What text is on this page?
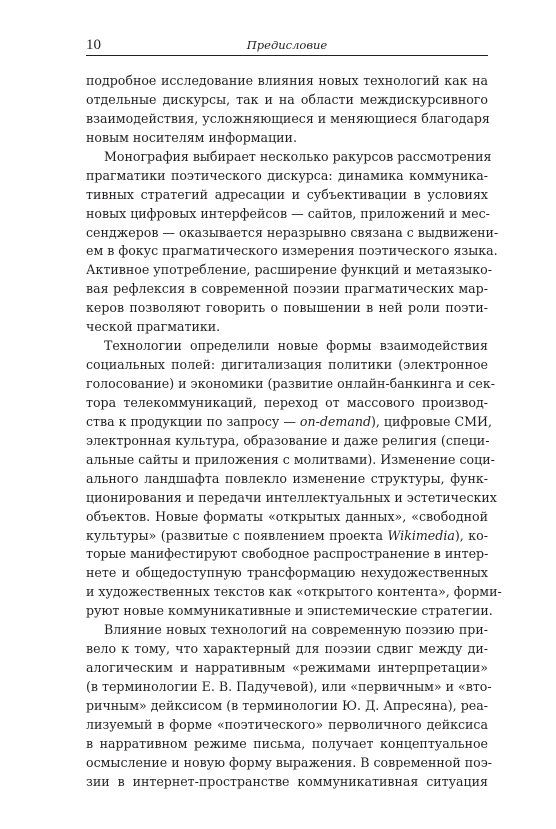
10	Предисловие
подробное исследование влияния новых технологий как на
отдельные дискурсы, так и на области междискурсивного
взаимодействия, усложняющиеся и меняющиеся благодаря
новым носителям информации.
Монография выбирает несколько ракурсов рассмотрения
прагматики поэтического дискурса: динамика коммуника-
тивных стратегий адресации и субъективации в условиях
новых цифровых интерфейсов — сайтов, приложений и мес-
сенджеров — оказывается неразрывно связана с выдвижени-
ем в фокус прагматического измерения поэтического языка.
Активное употребление, расширение функций и метаязыко-
вая рефлексия в современной поэзии прагматических мар-
керов позволяют говорить о повышении в ней роли поэти-
ческой прагматики.
Технологии определили новые формы взаимодействия
социальных полей: дигитализация политики (электронное
голосование) и экономики (развитие онлайн-банкинга и сек-
тора телекоммуникаций, переход от массового производ-
ства к продукции по запросу — on-demand), цифровые СМИ,
электронная культура, образование и даже религия (специ-
альные сайты и приложения с молитвами). Изменение соци-
ального ландшафта повлекло изменение структуры, функ-
ционирования и передачи интеллектуальных и эстетических
объектов. Новые форматы «открытых данных», «свободной
культуры» (развитые с появлением проекта Wikimedia), ко-
торые манифестируют свободное распространение в интер-
нете и общедоступную трансформацию нехудожественных
и художественных текстов как «открытого контента», форми-
руют новые коммуникативные и эпистемические стратегии.
Влияние новых технологий на современную поэзию при-
вело к тому, что характерный для поэзии сдвиг между ди-
алогическим и нарративным «режимами интерпретации»
(в терминологии Е. В. Падучевой), или «первичным» и «вто-
ричным» дейксисом (в терминологии Ю. Д. Апресяна), реа-
лизуемый в форме «поэтического» перволичного дейксиса
в нарративном режиме письма, получает концептуальное
осмысление и новую форму выражения. В современной поэ-
зии в интернет-пространстве коммуникативная ситуация
